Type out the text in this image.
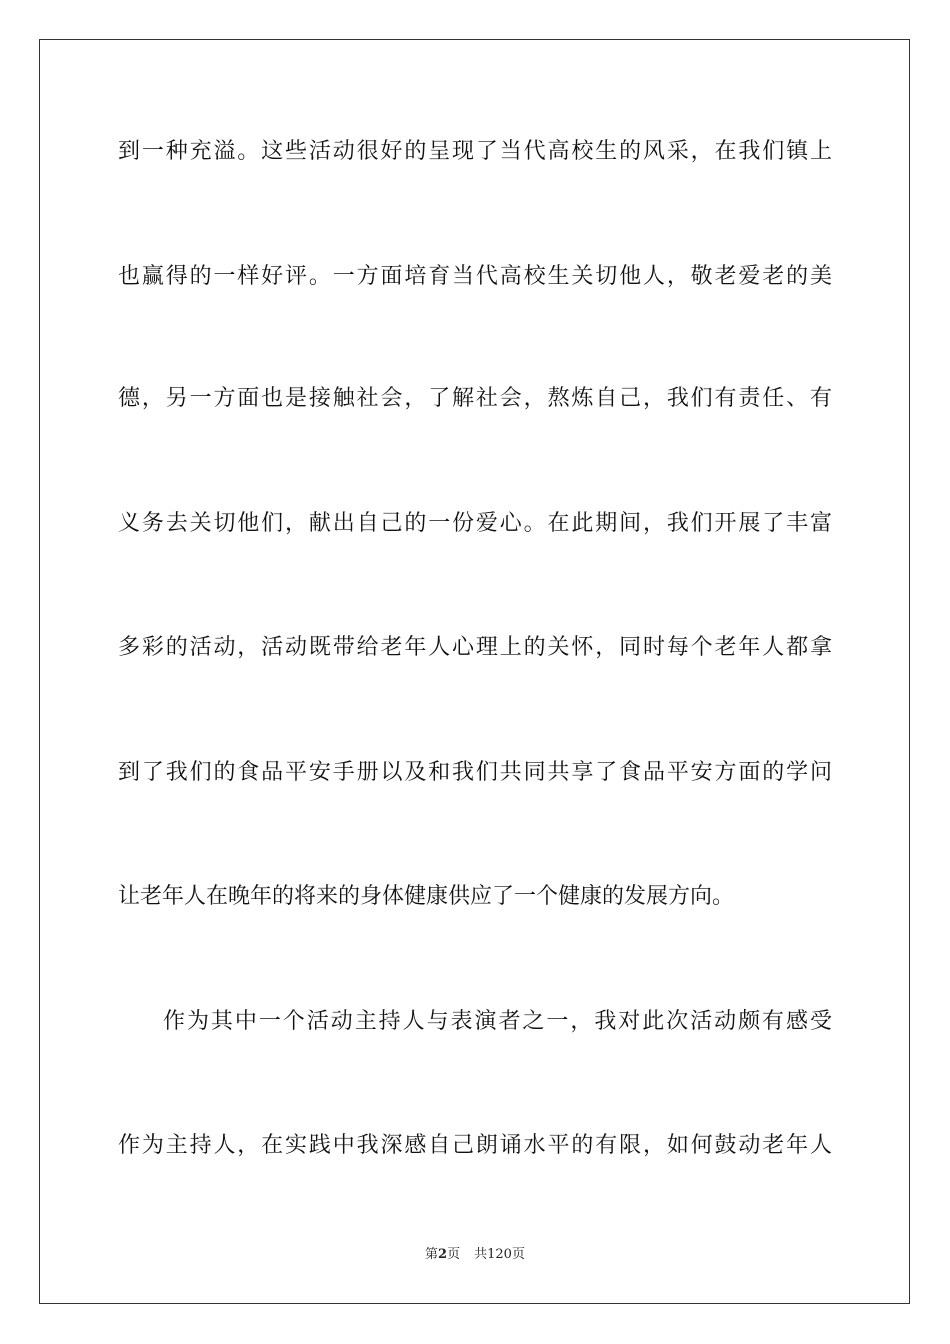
到一种充溢。这些活动很好的呈现了当代高校生的风采，在我们镇上
也赢得的一样好评。一方面培育当代高校生关切他人，敬老爱老的美
德，另一方面也是接触社会，了解社会，熬炼自己，我们有责任、有
义务去关切他们，献出自己的一份爱心。在此期间，我们开展了丰富
多彩的活动，活动既带给老年人心理上的关怀，同时每个老年人都拿
到了我们的食品平安手册以及和我们共同共享了食品平安方面的学问
让老年人在晚年的将来的身体健康供应了一个健康的发展方向。
作为其中一个活动主持人与表演者之一，我对此次活动颇有感受
作为主持人，在实践中我深感自己朗诵水平的有限，如何鼓动老年人
第2页 共120页
